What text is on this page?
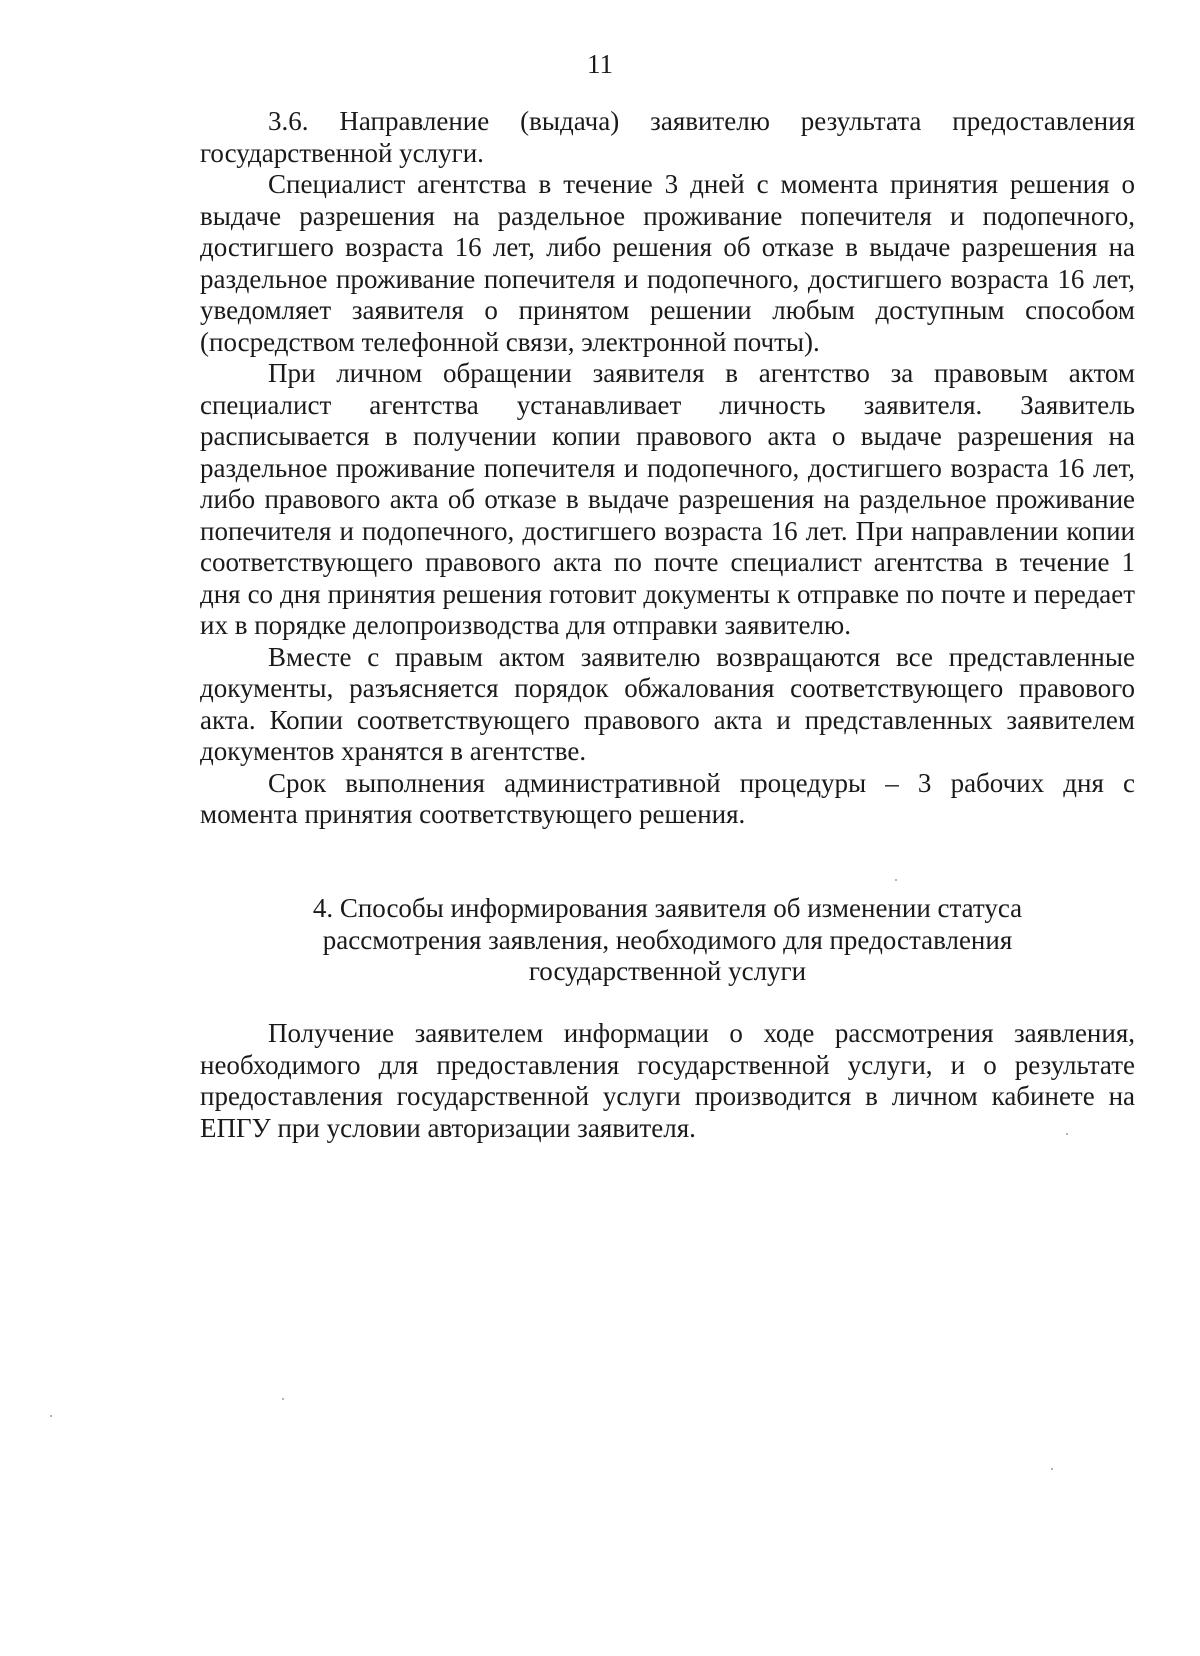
11

3.6. Направление (выдача) заявителю результата предоставления государственной услуги.

Специалист агентства в течение 3 дней с момента принятия решения о выдаче разрешения на раздельное проживание попечителя и подопечного, достигшего возраста 16 лет, либо решения об отказе в выдаче разрешения на раздельное проживание попечителя и подопечного, достигшего возраста 16 лет, уведомляет заявителя о принятом решении любым доступным способом (посредством телефонной связи, электронной почты).

При личном обращении заявителя в агентство за правовым актом специалист агентства устанавливает личность заявителя. Заявитель расписывается в получении копии правового акта о выдаче разрешения на раздельное проживание попечителя и подопечного, достигшего возраста 16 лет, либо правового акта об отказе в выдаче разрешения на раздельное проживание попечителя и подопечного, достигшего возраста 16 лет. При направлении копии соответствующего правового акта по почте специалист агентства в течение 1 дня со дня принятия решения готовит документы к отправке по почте и передает их в порядке делопроизводства для отправки заявителю.

Вместе с правым актом заявителю возвращаются все представленные документы, разъясняется порядок обжалования соответствующего правового акта. Копии соответствующего правового акта и представленных заявителем документов хранятся в агентстве.

Срок выполнения административной процедуры – 3 рабочих дня с момента принятия соответствующего решения.

4. Способы информирования заявителя об изменении статуса
рассмотрения заявления, необходимого для предоставления
государственной услуги

Получение заявителем информации о ходе рассмотрения заявления, необходимого для предоставления государственной услуги, и о результате предоставления государственной услуги производится в личном кабинете на ЕПГУ при условии авторизации заявителя.
